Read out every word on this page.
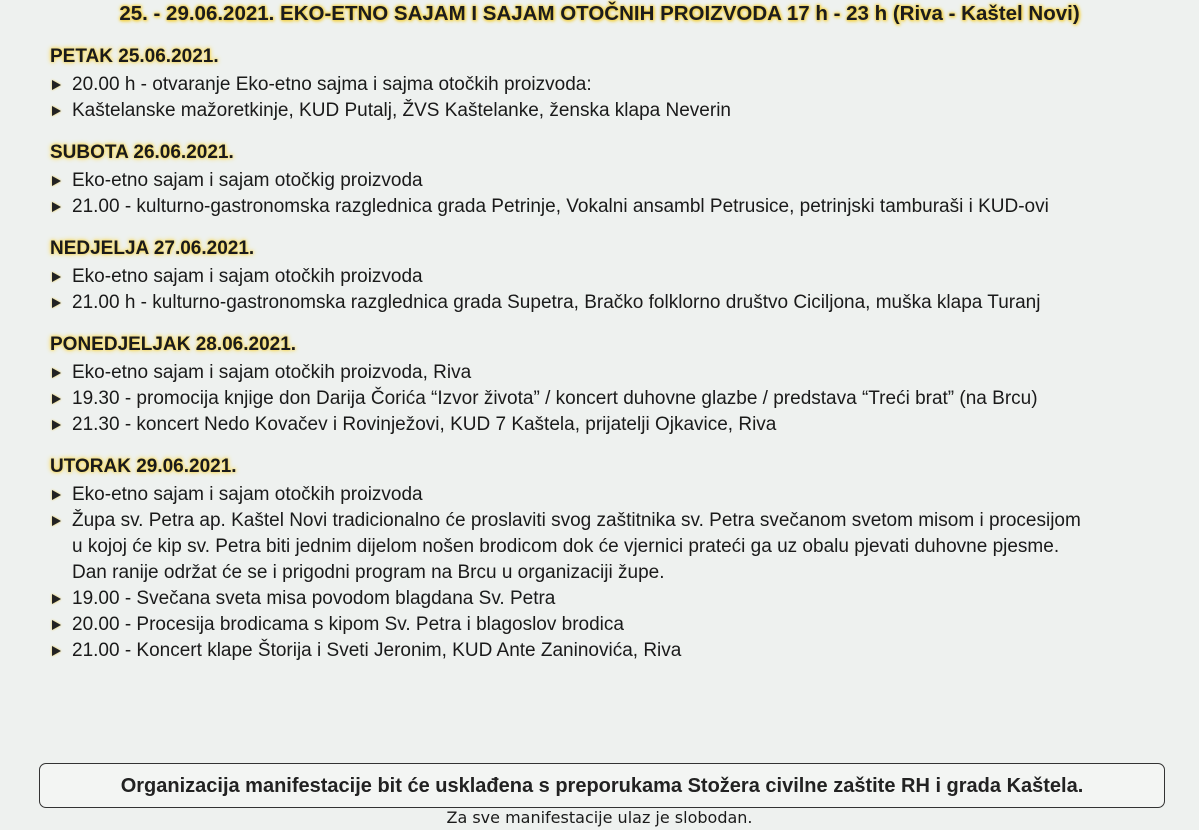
25. - 29.06.2021. EKO-ETNO SAJAM I SAJAM OTOČNIH PROIZVODA 17 h - 23 h (Riva - Kaštel Novi)
PETAK 25.06.2021.
20.00 h - otvaranje Eko-etno sajma i sajma otočkih proizvoda:
Kaštelanske mažoretkinje, KUD Putalj, ŽVS Kaštelanke, ženska klapa Neverin
SUBOTA 26.06.2021.
Eko-etno sajam i sajam otočkig proizvoda
21.00 - kulturno-gastronomska razglednica grada Petrinje, Vokalni ansambl Petrusice, petrinjski tamburaši i KUD-ovi
NEDJELJA 27.06.2021.
Eko-etno sajam i sajam otočkih proizvoda
21.00 h - kulturno-gastronomska razglednica grada Supetra, Bračko folklorno društvo Ciciljona, muška klapa Turanj
PONEDJELJAK 28.06.2021.
Eko-etno sajam i sajam otočkih proizvoda, Riva
19.30 - promocija knjige don Darija Čorića “Izvor života” / koncert duhovne glazbe / predstava “Treći brat” (na Brcu)
21.30 - koncert Nedo Kovačev i Rovinježovi, KUD 7 Kaštela, prijatelji Ojkavice, Riva
UTORAK 29.06.2021.
Eko-etno sajam i sajam otočkih proizvoda
Župa sv. Petra ap. Kaštel Novi tradicionalno će proslaviti svog zaštitnika sv. Petra svečanom svetom misom i procesijom
u kojoj će kip sv. Petra biti jednim dijelom nošen brodicom dok će vjernici prateći ga uz obalu pjevati duhovne pjesme.
Dan ranije održat će se i prigodni program na Brcu u organizaciji župe.
19.00 - Svečana sveta misa povodom blagdana Sv. Petra
20.00 - Procesija brodicama s kipom Sv. Petra i blagoslov brodica
21.00 - Koncert klape Štorija i Sveti Jeronim, KUD Ante Zaninovića, Riva
Organizacija manifestacije bit će usklađena s preporukama Stožera civilne zaštite RH i grada Kaštela.
Za sve manifestacije ulaz je slobodan.
